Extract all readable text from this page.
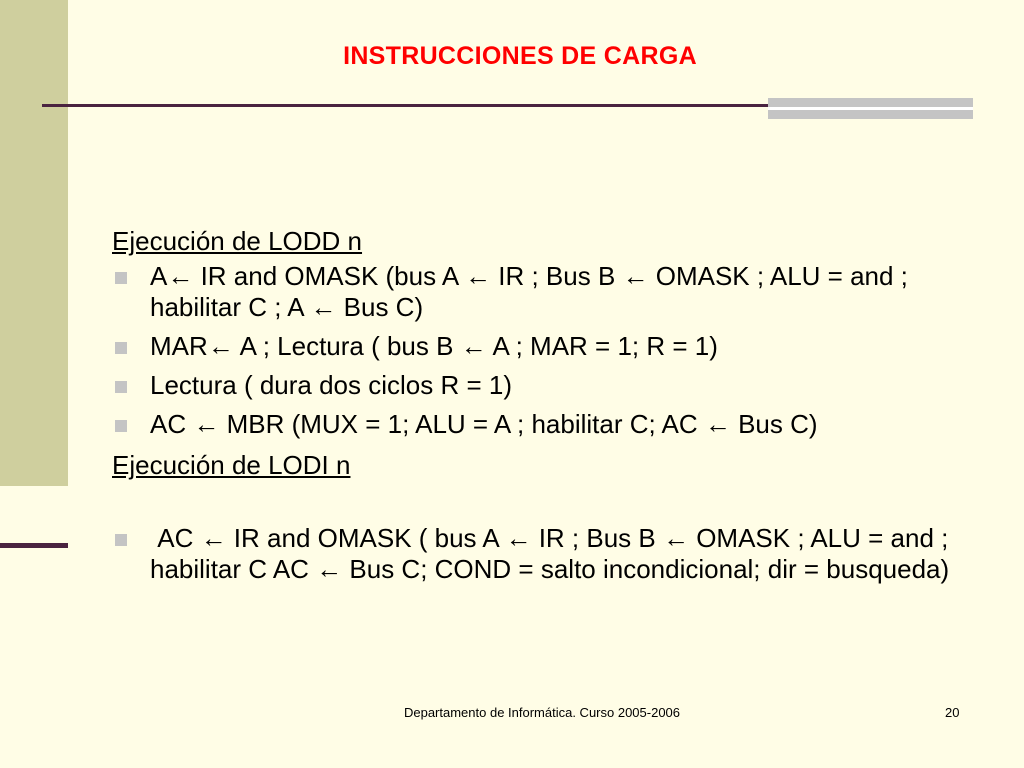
INSTRUCCIONES DE CARGA
Ejecución de LODD n
A← IR and OMASK (bus A ← IR ; Bus B ← OMASK ; ALU = and ; habilitar C ; A ← Bus C)
MAR← A ; Lectura ( bus B ← A ; MAR = 1; R = 1)
Lectura ( dura dos ciclos R = 1)
AC ← MBR (MUX = 1; ALU = A ; habilitar C; AC ← Bus C)
Ejecución de LODI n
AC ← IR and OMASK ( bus A ← IR ; Bus B ← OMASK ; ALU = and ; habilitar C AC ← Bus C; COND = salto incondicional; dir = busqueda)
Departamento de Informática. Curso 2005-2006	20
